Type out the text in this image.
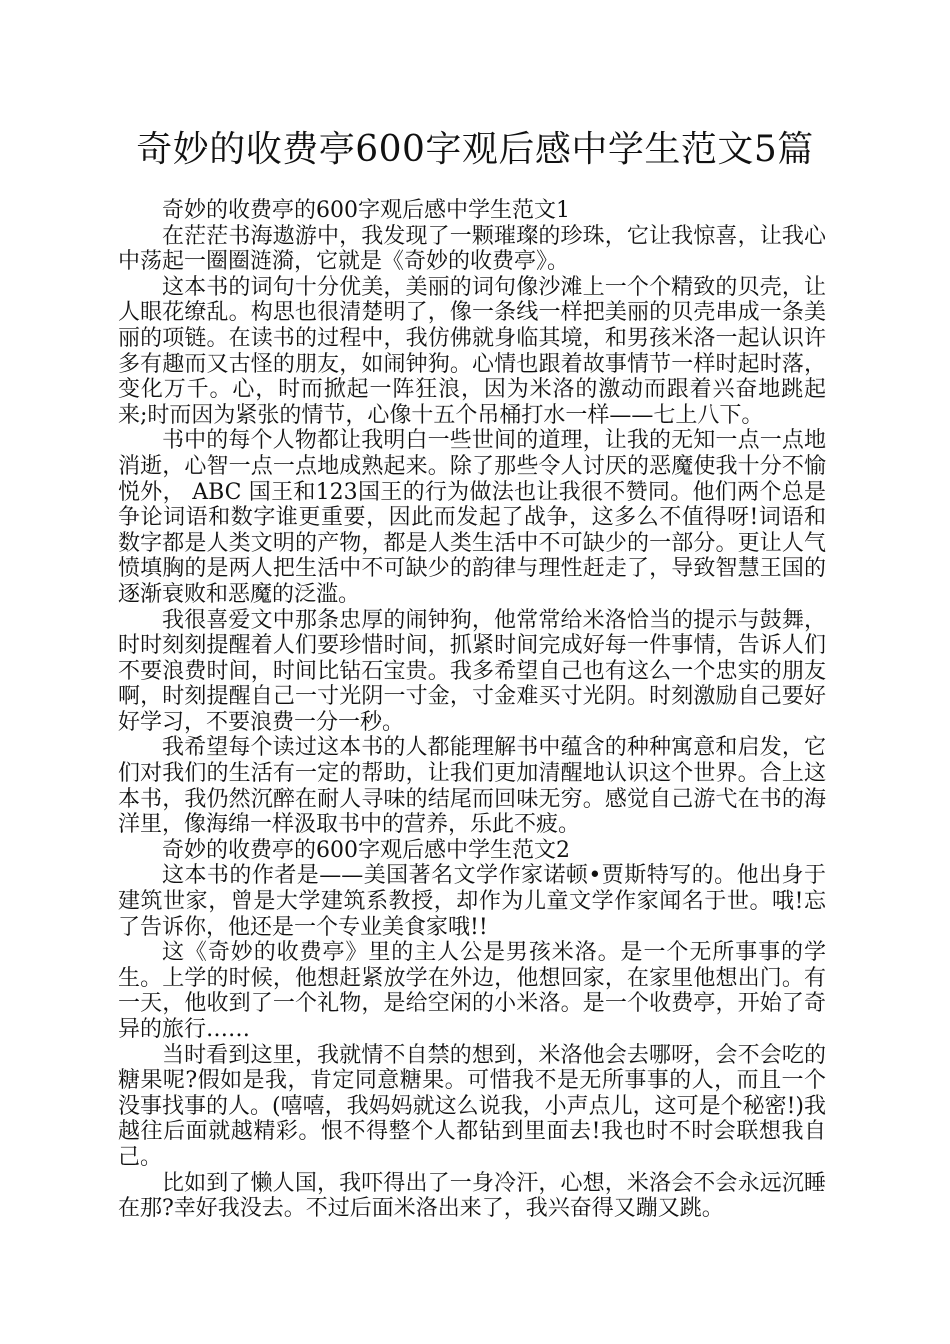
奇妙的收费亭600字观后感中学生范文5篇

奇妙的收费亭的600字观后感中学生范文1

在茫茫书海遨游中，我发现了一颗璀璨的珍珠，它让我惊喜，让我心中荡起一圈圈涟漪，它就是《奇妙的收费亭》。

这本书的词句十分优美，美丽的词句像沙滩上一个个精致的贝壳，让人眼花缭乱。构思也很清楚明了，像一条线一样把美丽的贝壳串成一条美丽的项链。在读书的过程中，我仿佛就身临其境，和男孩米洛一起认识许多有趣而又古怪的朋友，如闹钟狗。心情也跟着故事情节一样时起时落，变化万千。心，时而掀起一阵狂浪，因为米洛的激动而跟着兴奋地跳起来;时而因为紧张的情节，心像十五个吊桶打水一样——七上八下。

书中的每个人物都让我明白一些世间的道理，让我的无知一点一点地消逝，心智一点一点地成熟起来。除了那些令人讨厌的恶魔使我十分不愉悦外， ABC 国王和123国王的行为做法也让我很不赞同。他们两个总是争论词语和数字谁更重要，因此而发起了战争，这多么不值得呀!词语和数字都是人类文明的产物，都是人类生活中不可缺少的一部分。更让人气愤填胸的是两人把生活中不可缺少的韵律与理性赶走了，导致智慧王国的逐渐衰败和恶魔的泛滥。

我很喜爱文中那条忠厚的闹钟狗，他常常给米洛恰当的提示与鼓舞，时时刻刻提醒着人们要珍惜时间，抓紧时间完成好每一件事情，告诉人们不要浪费时间，时间比钻石宝贵。我多希望自己也有这么一个忠实的朋友啊，时刻提醒自己一寸光阴一寸金，寸金难买寸光阴。时刻激励自己要好好学习，不要浪费一分一秒。

我希望每个读过这本书的人都能理解书中蕴含的种种寓意和启发，它们对我们的生活有一定的帮助，让我们更加清醒地认识这个世界。合上这本书，我仍然沉醉在耐人寻味的结尾而回味无穷。感觉自己游弋在书的海洋里，像海绵一样汲取书中的营养，乐此不疲。

奇妙的收费亭的600字观后感中学生范文2

这本书的作者是——美国著名文学作家诺顿•贾斯特写的。他出身于建筑世家，曾是大学建筑系教授，却作为儿童文学作家闻名于世。哦!忘了告诉你，他还是一个专业美食家哦!!

这《奇妙的收费亭》里的主人公是男孩米洛。是一个无所事事的学生。上学的时候，他想赶紧放学在外边，他想回家，在家里他想出门。有一天，他收到了一个礼物，是给空闲的小米洛。是一个收费亭，开始了奇异的旅行……

当时看到这里，我就情不自禁的想到，米洛他会去哪呀，会不会吃的糖果呢?假如是我，肯定同意糖果。可惜我不是无所事事的人，而且一个没事找事的人。(嘻嘻，我妈妈就这么说我，小声点儿，这可是个秘密!)我越往后面就越精彩。恨不得整个人都钻到里面去!我也时不时会联想我自己。

比如到了懒人国，我吓得出了一身冷汗，心想，米洛会不会永远沉睡在那?幸好我没去。不过后面米洛出来了，我兴奋得又蹦又跳。
